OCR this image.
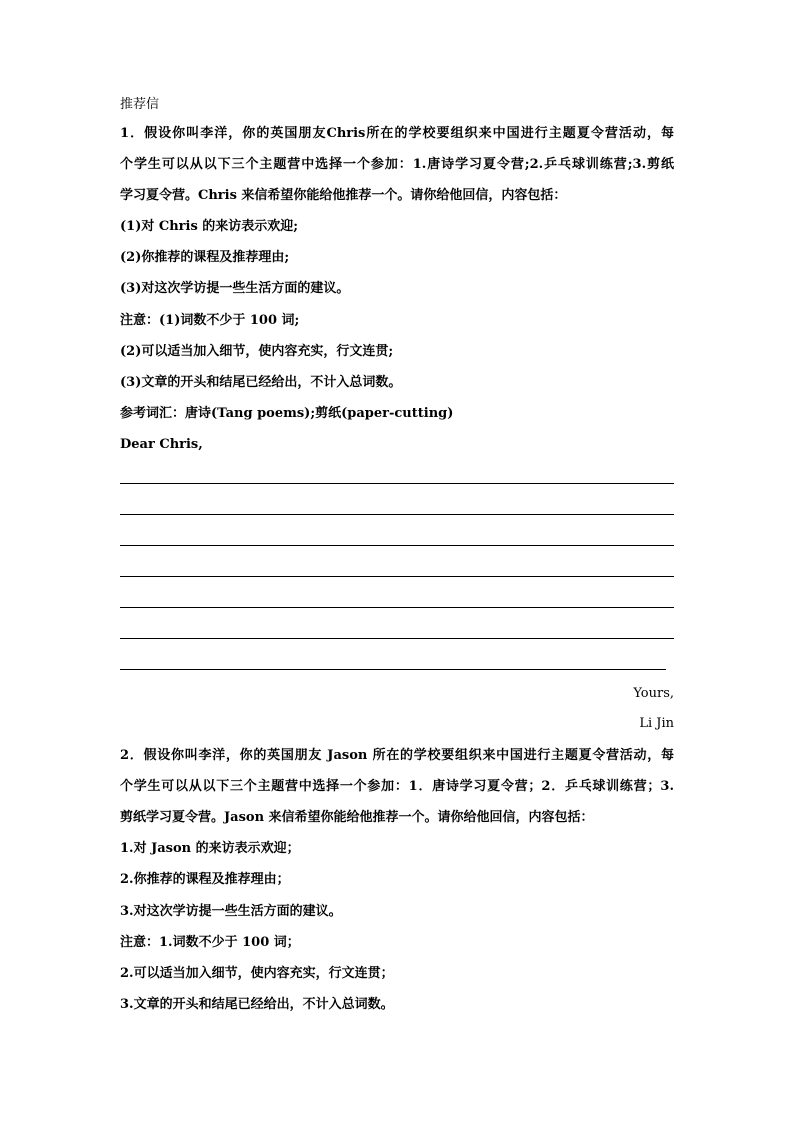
推荐信
1．假设你叫李洋，你的英国朋友Chris所在的学校要组织来中国进行主题夏令营活动，每
个学生可以从以下三个主题营中选择一个参加：1.唐诗学习夏令营;2.乒乓球训练营;3.剪纸
学习夏令营。Chris 来信希望你能给他推荐一个。请你给他回信，内容包括：
(1)对 Chris 的来访表示欢迎;
(2)你推荐的课程及推荐理由;
(3)对这次学访提一些生活方面的建议。
注意：(1)词数不少于 100 词;
(2)可以适当加入细节，使内容充实，行文连贯;
(3)文章的开头和结尾已经给出，不计入总词数。
参考词汇：唐诗(Tang poems);剪纸(paper-cutting)
Dear Chris,
Yours,
Li Jin
2．假设你叫李洋，你的英国朋友 Jason 所在的学校要组织来中国进行主题夏令营活动，每
个学生可以从以下三个主题营中选择一个参加：1．唐诗学习夏令营；2．乒乓球训练营；3.
剪纸学习夏令营。Jason 来信希望你能给他推荐一个。请你给他回信，内容包括：
1.对 Jason 的来访表示欢迎；
2.你推荐的课程及推荐理由；
3.对这次学访提一些生活方面的建议。
注意：1.词数不少于 100 词；
2.可以适当加入细节，使内容充实，行文连贯；
3.文章的开头和结尾已经给出，不计入总词数。
